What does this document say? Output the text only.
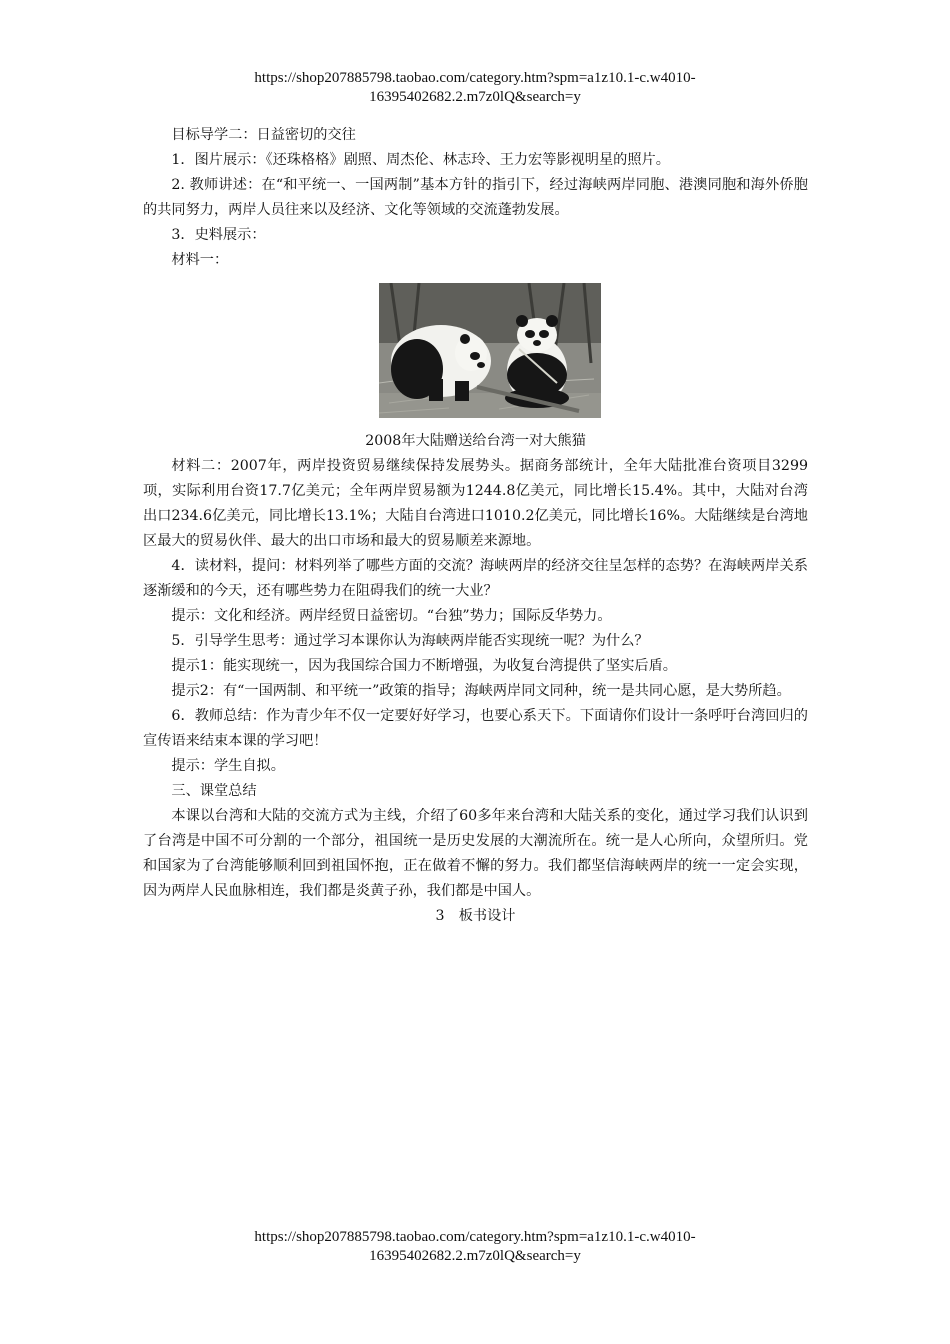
https://shop207885798.taobao.com/category.htm?spm=a1z10.1-c.w4010-
16395402682.2.m7z0lQ&search=y

目标导学二：日益密切的交往

1．图片展示：《还珠格格》剧照、周杰伦、林志玲、王力宏等影视明星的照片。

2. 教师讲述：在“和平统一、一国两制”基本方针的指引下，经过海峡两岸同胞、港澳同胞和海外侨胞的共同努力，两岸人员往来以及经济、文化等领域的交流蓬勃发展。

3．史料展示：

材料一：

2008年大陆赠送给台湾一对大熊猫

材料二：2007年，两岸投资贸易继续保持发展势头。据商务部统计，全年大陆批准台资项目3299项，实际利用台资17.7亿美元；全年两岸贸易额为1244.8亿美元，同比增长15.4%。其中，大陆对台湾出口234.6亿美元，同比增长13.1%；大陆自台湾进口1010.2亿美元，同比增长16%。大陆继续是台湾地区最大的贸易伙伴、最大的出口市场和最大的贸易顺差来源地。

4．读材料，提问：材料列举了哪些方面的交流？海峡两岸的经济交往呈怎样的态势？在海峡两岸关系逐渐缓和的今天，还有哪些势力在阻碍我们的统一大业？

提示：文化和经济。两岸经贸日益密切。“台独”势力；国际反华势力。

5．引导学生思考：通过学习本课你认为海峡两岸能否实现统一呢？为什么？

提示1：能实现统一，因为我国综合国力不断增强，为收复台湾提供了坚实后盾。

提示2：有“一国两制、和平统一”政策的指导；海峡两岸同文同种，统一是共同心愿，是大势所趋。

6．教师总结：作为青少年不仅一定要好好学习，也要心系天下。下面请你们设计一条呼吁台湾回归的宣传语来结束本课的学习吧！

提示：学生自拟。

三、课堂总结

本课以台湾和大陆的交流方式为主线，介绍了60多年来台湾和大陆关系的变化，通过学习我们认识到了台湾是中国不可分割的一个部分，祖国统一是历史发展的大潮流所在。统一是人心所向，众望所归。党和国家为了台湾能够顺利回到祖国怀抱，正在做着不懈的努力。我们都坚信海峡两岸的统一一定会实现，因为两岸人民血脉相连，我们都是炎黄子孙，我们都是中国人。

3　板书设计

https://shop207885798.taobao.com/category.htm?spm=a1z10.1-c.w4010-
16395402682.2.m7z0lQ&search=y
